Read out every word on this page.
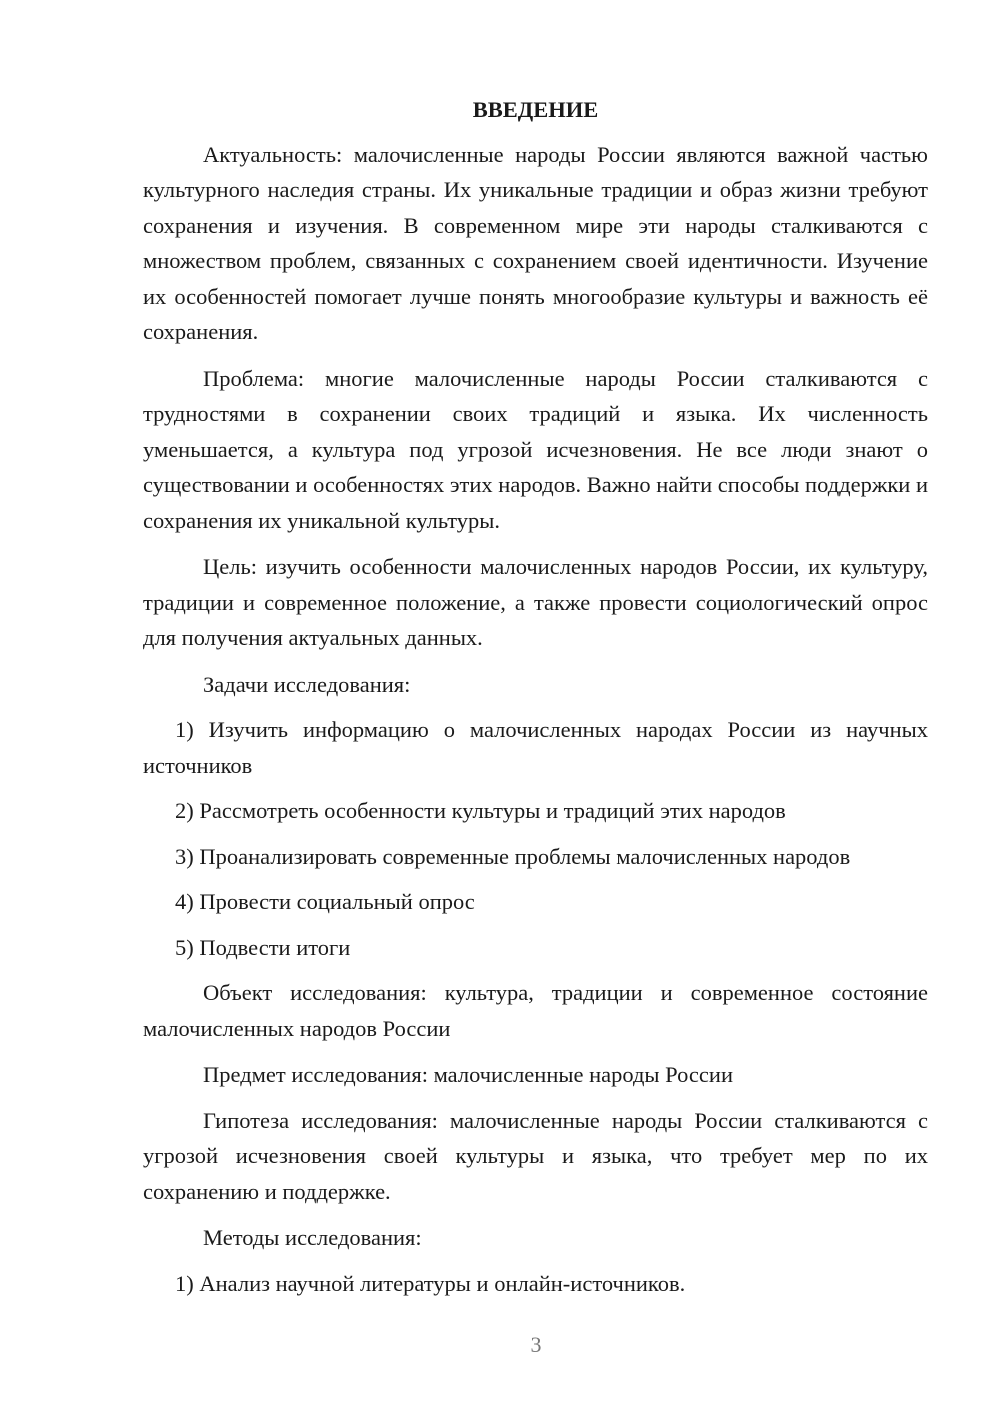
ВВЕДЕНИЕ

Актуальность: малочисленные народы России являются важной частью культурного наследия страны. Их уникальные традиции и образ жизни требуют сохранения и изучения. В современном мире эти народы сталкиваются с множеством проблем, связанных с сохранением своей идентичности. Изучение их особенностей помогает лучше понять многообразие культуры и важность её сохранения.

Проблема: многие малочисленные народы России сталкиваются с трудностями в сохранении своих традиций и языка. Их численность уменьшается, а культура под угрозой исчезновения. Не все люди знают о существовании и особенностях этих народов. Важно найти способы поддержки и сохранения их уникальной культуры.

Цель: изучить особенности малочисленных народов России, их культуру, традиции и современное положение, а также провести социологический опрос для получения актуальных данных.

Задачи исследования:

1) Изучить информацию о малочисленных народах России из научных источников

2) Рассмотреть особенности культуры и традиций этих народов

3) Проанализировать современные проблемы малочисленных народов

4) Провести социальный опрос

5) Подвести итоги

Объект исследования: культура, традиции и современное состояние малочисленных народов России

Предмет исследования: малочисленные народы России

Гипотеза исследования: малочисленные народы России сталкиваются с угрозой исчезновения своей культуры и языка, что требует мер по их сохранению и поддержке.

Методы исследования:

1) Анализ научной литературы и онлайн-источников.

3
